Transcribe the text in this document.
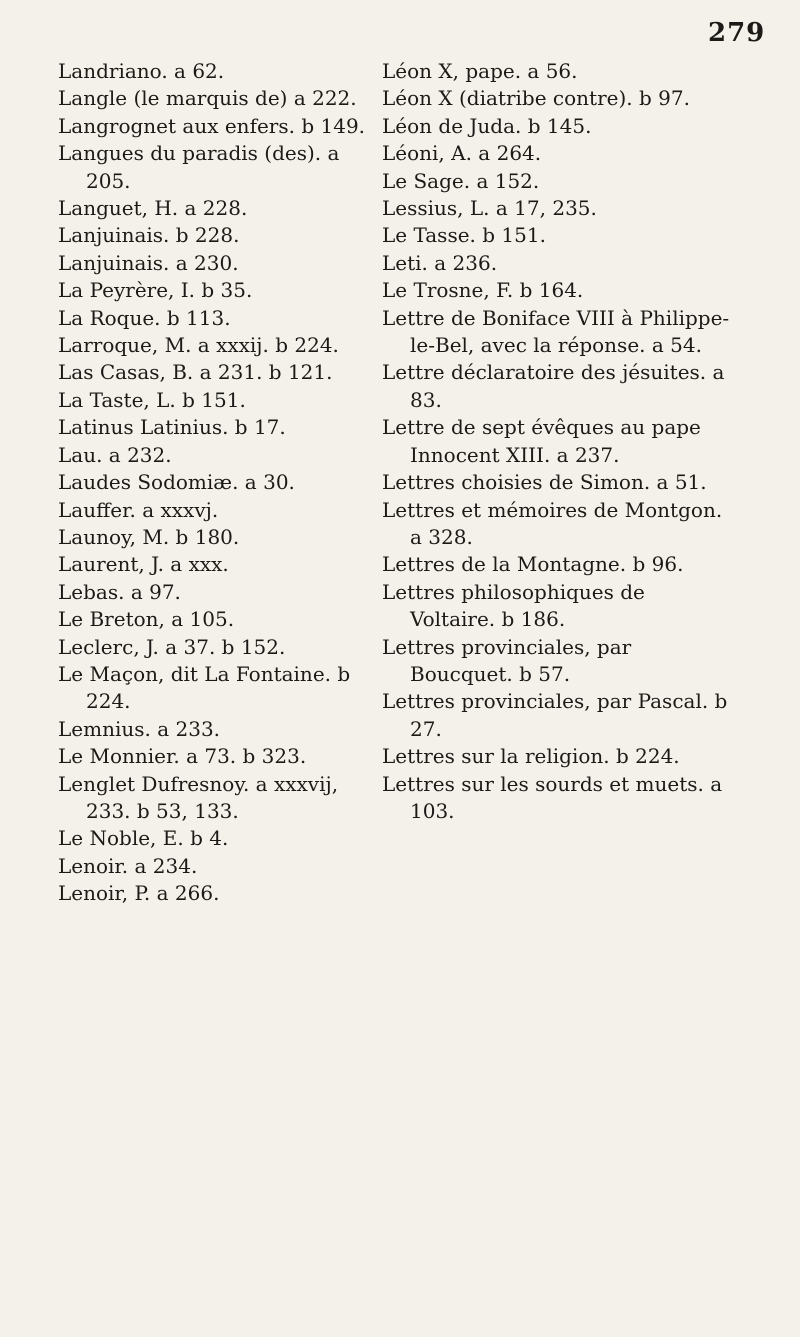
279

Landriano. a 62.

Langle (le marquis de) a 222.

Langrognet aux enfers. b 149.

Langues du paradis (des). a 205.

Languet, H. a 228.

Lanjuinais. b 228.

Lanjuinais. a 230.

La Peyrère, I. b 35.

La Roque. b 113.

Larroque, M. a xxxij. b 224.

Las Casas, B. a 231. b 121.

La Taste, L. b 151.

Latinus Latinius. b 17.

Lau. a 232.

Laudes Sodomiæ. a 30.

Lauffer. a xxxvj.

Launoy, M. b 180.

Laurent, J. a xxx.

Lebas. a 97.

Le Breton, a 105.

Leclerc, J. a 37. b 152.

Le Maçon, dit La Fontaine. b 224.

Lemnius. a 233.

Le Monnier. a 73. b 323.

Lenglet Dufresnoy. a xxxvij, 233. b 53, 133.

Le Noble, E. b 4.

Lenoir. a 234.

Lenoir, P. a 266.

Léon X, pape. a 56.

Léon X (diatribe contre). b 97.

Léon de Juda. b 145.

Léoni, A. a 264.

Le Sage. a 152.

Lessius, L. a 17, 235.

Le Tasse. b 151.

Leti. a 236.

Le Trosne, F. b 164.

Lettre de Boniface VIII à Philippe-le-Bel, avec la réponse. a 54.

Lettre déclaratoire des jésuites. a 83.

Lettre de sept évêques au pape Innocent XIII. a 237.

Lettres choisies de Simon. a 51.

Lettres et mémoires de Montgon. a 328.

Lettres de la Montagne. b 96.

Lettres philosophiques de Voltaire. b 186.

Lettres provinciales, par Boucquet. b 57.

Lettres provinciales, par Pascal. b 27.

Lettres sur la religion. b 224.

Lettres sur les sourds et muets. a 103.
